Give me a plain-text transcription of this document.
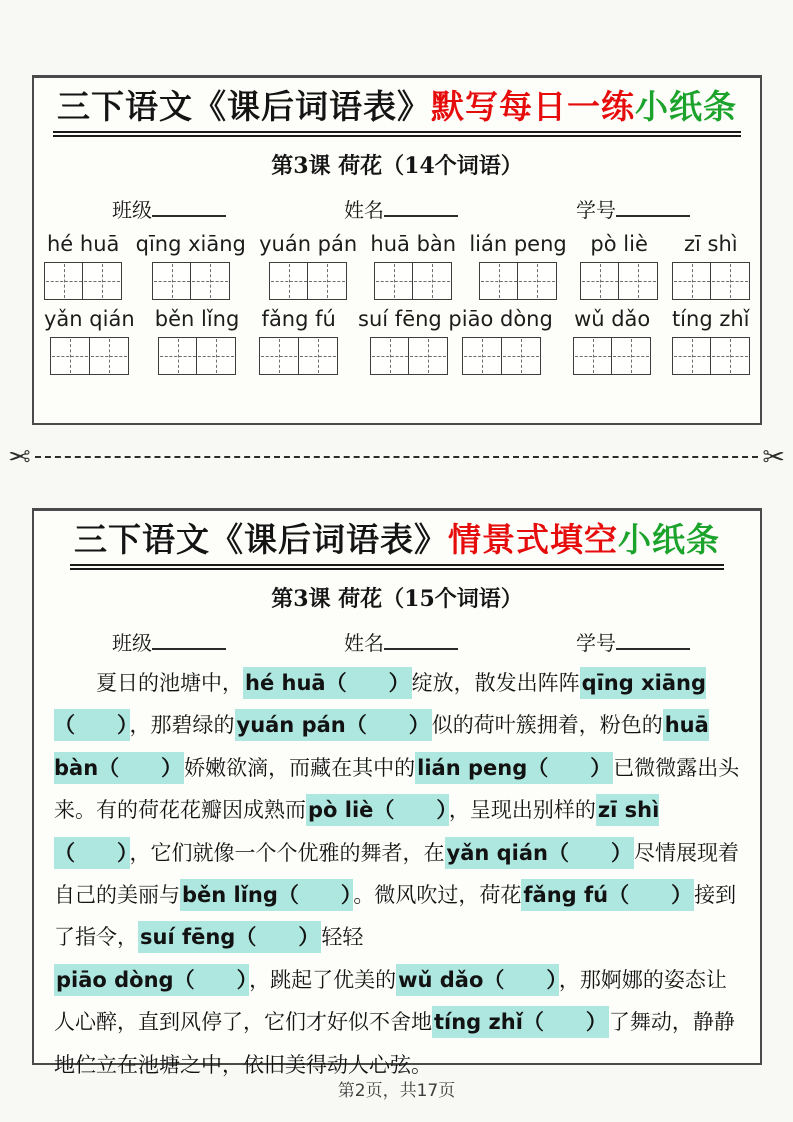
三下语文《课后词语表》默写每日一练小纸条
第3课 荷花（14个词语）
班级	姓名	学号
hé huā qīng xiāng yuán pán huā bàn lián peng pò liè zī shì
yǎn qián běn lǐng fǎng fú suí fēng piāo dòng wǔ dǎo tíng zhǐ
✂	✂
三下语文《课后词语表》情景式填空小纸条
第3课 荷花（15个词语）
班级	姓名	学号

夏日的池塘中，hé huā（　　）绽放，散发出阵阵qīng xiāng（　　），那碧绿的yuán pán（　　）似的荷叶簇拥着，粉色的huā bàn（　　）娇嫩欲滴，而藏在其中的lián peng（　　）已微微露出头来。有的荷花花瓣因成熟而pò liè（　　），呈现出别样的zī shì（　　），它们就像一个个优雅的舞者，在yǎn qián（　　）尽情展现着自己的美丽与běn lǐng（　　）。微风吹过，荷花fǎng fú（　　）接到了指令，suí fēng（　　）轻轻

piāo dòng（　　），跳起了优美的wǔ dǎo（　　），那婀娜的姿态让人心醉，直到风停了，它们才好似不舍地tíng zhǐ（　　）了舞动，静静地伫立在池塘之中，依旧美得动人心弦。

第2页，共17页
